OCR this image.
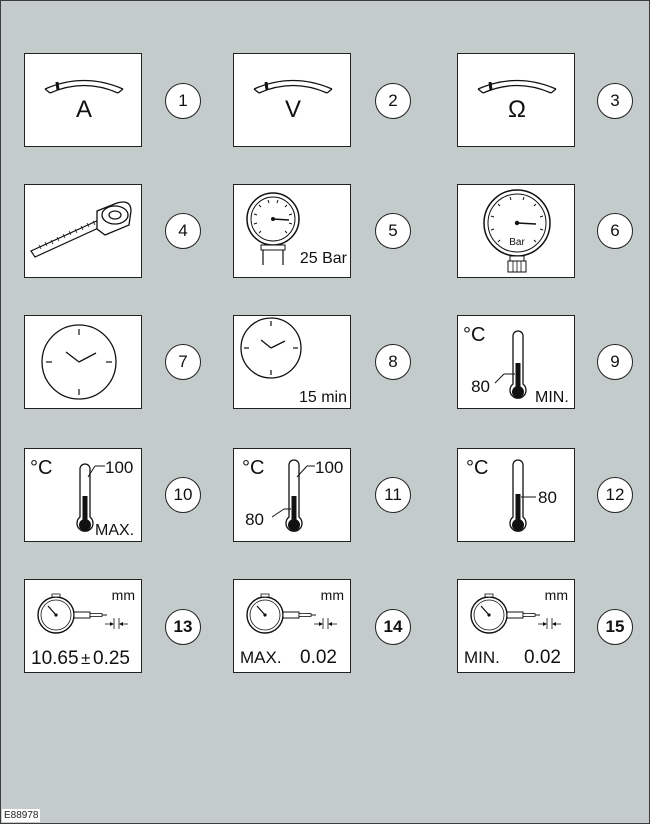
A	1	V	2	Ω	3
4
25 Bar
5
Bar
6
7
15 min
8
°C
80
MIN.
9
°C	100
MAX.
10
°C	100
80
11
°C
80	12
mm
10.65 ± 0.25
13
mm
MAX. 0.02
14
mm
MIN. 0.02
15
E88978
